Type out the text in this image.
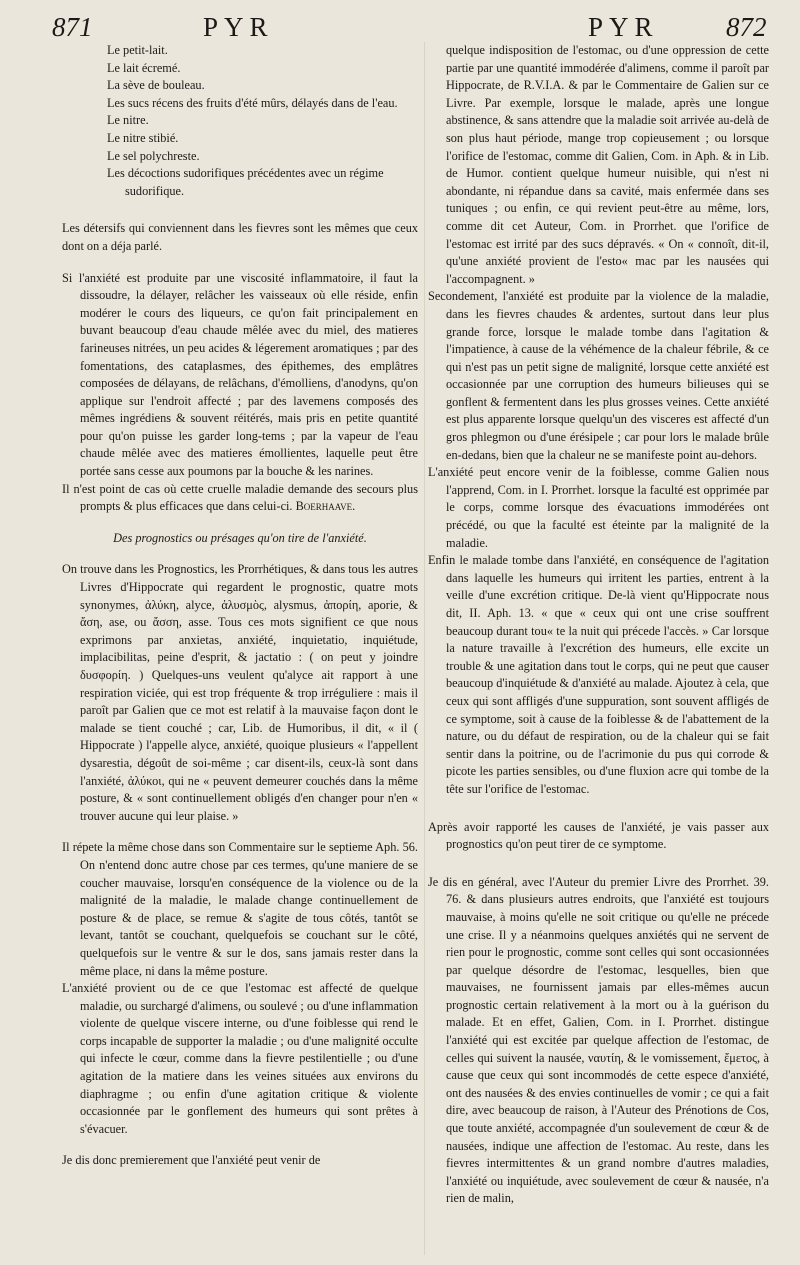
871	PYR	PYR 872
Le petit-lait.
Le lait écremé.
La sève de bouleau.
Les sucs récens des fruits d'été mûrs, délayés dans de l'eau.
Le nitre.
Le nitre stibié.
Le sel polychreste.
Les décoctions sudorifiques précédentes avec un régime sudorifique.

Les détersifs qui conviennent dans les fievres sont les mêmes que ceux dont on a déja parlé.

Si l'anxiété est produite par une viscosité inflammatoire, il faut la dissoudre, la délayer, relâcher les vaisseaux où elle réside, enfin modérer le cours des liqueurs, ce qu'on fait principalement en buvant beaucoup d'eau chaude mêlée avec du miel, des matieres farineuses nitrées, un peu acides & légerement aromatiques ; par des fomentations, des cataplasmes, des épithemes, des emplâtres composées de délayans, de relâchans, d'émolliens, d'anodyns, qu'on applique sur l'endroit affecté ; par des lavemens composés des mêmes ingrédiens & souvent réitérés, mais pris en petite quantité pour qu'on puisse les garder long-tems ; par la vapeur de l'eau chaude mêlée avec des matieres émollientes, laquelle peut être portée sans cesse aux poumons par la bouche & les narines.

Il n'est point de cas où cette cruelle maladie demande des secours plus prompts & plus efficaces que dans celui-ci. Boerhaave.

Des prognostics ou présages qu'on tire de l'anxiété.

On trouve dans les Prognostics, les Prorrhétiques, & dans tous les autres Livres d'Hippocrate qui regardent le prognostic, quatre mots synonymes, ἀλύκη, alyce, ἀλυσμὸς, alysmus, ἀπορίη, aporie, & ἄση, ase, ou ἄσση, asse. Tous ces mots signifient ce que nous exprimons par anxietas, anxiété, inquietatio, inquiétude, implacibilitas, peine d'esprit, & jactatio : ( on peut y joindre δυσφορίη. ) Quelques-uns veulent qu'alyce ait rapport à une respiration viciée, qui est trop fréquente & trop irréguliere : mais il paroît par Galien que ce mot est relatif à la mauvaise façon dont le malade se tient couché ; car, Lib. de Humoribus, il dit, « il ( Hippocrate ) l'appelle alyce, anxiété, quoique plusieurs « l'appellent dysarestia, dégoût de soi-même ; car disent-ils, ceux-là sont dans l'anxiété, ἀλύκοι, qui ne « peuvent demeurer couchés dans la même posture, & « sont continuellement obligés d'en changer pour n'en « trouver aucune qui leur plaise. »

Il répete la même chose dans son Commentaire sur le septieme Aph. 56. On n'entend donc autre chose par ces termes, qu'une maniere de se coucher mauvaise, lorsqu'en conséquence de la violence ou de la malignité de la maladie, le malade change continuellement de posture & de place, se remue & s'agite de tous côtés, tantôt se levant, tantôt se couchant, quelquefois se couchant sur le côté, quelquefois sur le ventre & sur le dos, sans jamais rester dans la même place, ni dans la même posture.

L'anxiété provient ou de ce que l'estomac est affecté de quelque maladie, ou surchargé d'alimens, ou soulevé ; ou d'une inflammation violente de quelque viscere interne, ou d'une foiblesse qui rend le corps incapable de supporter la maladie ; ou d'une malignité occulte qui infecte le cœur, comme dans la fievre pestilentielle ; ou d'une agitation de la matiere dans les veines situées aux environs du diaphragme ; ou enfin d'une agitation critique & violente occasionnée par le gonflement des humeurs qui sont prêtes à s'évacuer.

Je dis donc premierement que l'anxiété peut venir de

quelque indisposition de l'estomac, ou d'une oppression de cette partie par une quantité immodérée d'alimens, comme il paroît par Hippocrate, de R.V.I.A. & par le Commentaire de Galien sur ce Livre. Par exemple, lorsque le malade, après une longue abstinence, & sans attendre que la maladie soit arrivée au-delà de son plus haut période, mange trop copieusement ; ou lorsque l'orifice de l'estomac, comme dit Galien, Com. in Aph. & in Lib. de Humor. contient quelque humeur nuisible, qui n'est ni abondante, ni répandue dans sa cavité, mais enfermée dans ses tuniques ; ou enfin, ce qui revient peut-être au même, lors, comme dit cet Auteur, Com. in Prorrhet. que l'orifice de l'estomac est irrité par des sucs dépravés. « On « connoît, dit-il, qu'une anxiété provient de l'esto« mac par les nausées qui l'accompagnent. »

Secondement, l'anxiété est produite par la violence de la maladie, dans les fievres chaudes & ardentes, surtout dans leur plus grande force, lorsque le malade tombe dans l'agitation & l'impatience, à cause de la véhémence de la chaleur fébrile, & ce qui n'est pas un petit signe de malignité, lorsque cette anxiété est occasionnée par une corruption des humeurs bilieuses qui se gonflent & fermentent dans les plus grosses veines. Cette anxiété est plus apparente lorsque quelqu'un des visceres est affecté d'un gros phlegmon ou d'une érésipele ; car pour lors le malade brûle en-dedans, bien que la chaleur ne se manifeste point au-dehors.

L'anxiété peut encore venir de la foiblesse, comme Galien nous l'apprend, Com. in I. Prorrhet. lorsque la faculté est opprimée par le corps, comme lorsque des évacuations immodérées ont précédé, ou que la faculté est éteinte par la malignité de la maladie.

Enfin le malade tombe dans l'anxiété, en conséquence de l'agitation dans laquelle les humeurs qui irritent les parties, entrent à la veille d'une excrétion critique. De-là vient qu'Hippocrate nous dit, II. Aph. 13. « que « ceux qui ont une crise souffrent beaucoup durant tou« te la nuit qui précede l'accès. » Car lorsque la nature travaille à l'excrétion des humeurs, elle excite un trouble & une agitation dans tout le corps, qui ne peut que causer beaucoup d'inquiétude & d'anxiété au malade. Ajoutez à cela, que ceux qui sont affligés d'une suppuration, sont souvent affligés de ce symptome, soit à cause de la foiblesse & de l'abattement de la nature, ou du défaut de respiration, ou de la chaleur qui se fait sentir dans la poitrine, ou de l'acrimonie du pus qui corrode & picote les parties sensibles, ou d'une fluxion acre qui tombe de la tête sur l'orifice de l'estomac.

Après avoir rapporté les causes de l'anxiété, je vais passer aux prognostics qu'on peut tirer de ce symptome.

Je dis en général, avec l'Auteur du premier Livre des Prorrhet. 39. 76. & dans plusieurs autres endroits, que l'anxiété est toujours mauvaise, à moins qu'elle ne soit critique ou qu'elle ne précede une crise. Il y a néanmoins quelques anxiétés qui ne servent de rien pour le prognostic, comme sont celles qui sont occasionnées par quelque désordre de l'estomac, lesquelles, bien que mauvaises, ne fournissent jamais par elles-mêmes aucun prognostic certain relativement à la mort ou à la guérison du malade. Et en effet, Galien, Com. in I. Prorrhet. distingue l'anxiété qui est excitée par quelque affection de l'estomac, de celles qui suivent la nausée, ναυτίη, & le vomissement, ἔμετος, à cause que ceux qui sont incommodés de cette espece d'anxiété, ont des nausées & des envies continuelles de vomir ; ce qui a fait dire, avec beaucoup de raison, à l'Auteur des Prénotions de Cos, que toute anxiété, accompagnée d'un soulevement de cœur & de nausées, indique une affection de l'estomac. Au reste, dans les fievres intermittentes & un grand nombre d'autres maladies, l'anxiété ou inquiétude, avec soulevement de cœur & nausée, n'a rien de malin,
